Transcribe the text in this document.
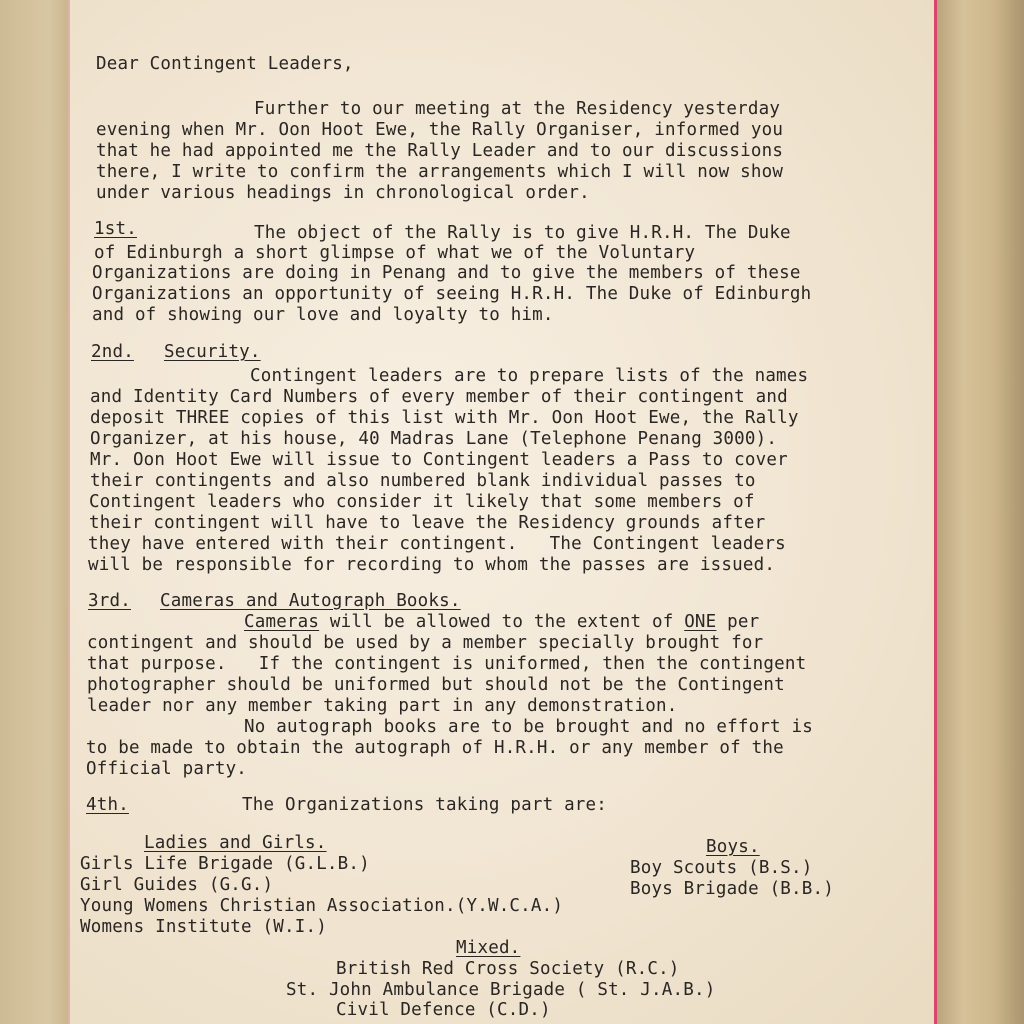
Dear Contingent Leaders,
Further to our meeting at the Residency yesterday
evening when Mr. Oon Hoot Ewe, the Rally Organiser, informed you
that he had appointed me the Rally Leader and to our discussions
there, I write to confirm the arrangements which I will now show
under various headings in chronological order.
1st.	The object of the Rally is to give H.R.H. The Duke
of Edinburgh a short glimpse of what we of the Voluntary
Organizations are doing in Penang and to give the members of these
Organizations an opportunity of seeing H.R.H. The Duke of Edinburgh
and of showing our love and loyalty to him.
2nd. Security.
Contingent leaders are to prepare lists of the names
and Identity Card Numbers of every member of their contingent and
deposit THREE copies of this list with Mr. Oon Hoot Ewe, the Rally
Organizer, at his house, 40 Madras Lane (Telephone Penang 3000).
Mr. Oon Hoot Ewe will issue to Contingent leaders a Pass to cover
their contingents and also numbered blank individual passes to
Contingent leaders who consider it likely that some members of
their contingent will have to leave the Residency grounds after
they have entered with their contingent.   The Contingent leaders
will be responsible for recording to whom the passes are issued.
3rd. Cameras and Autograph Books.
Cameras will be allowed to the extent of ONE per
contingent and should be used by a member specially brought for
that purpose.   If the contingent is uniformed, then the contingent
photographer should be uniformed but should not be the Contingent
leader nor any member taking part in any demonstration.
No autograph books are to be brought and no effort is
to be made to obtain the autograph of H.R.H. or any member of the
Official party.
4th.	The Organizations taking part are:
Ladies and Girls.
Girls Life Brigade (G.L.B.)
Girl Guides (G.G.)
Young Womens Christian Association.(Y.W.C.A.)
Womens Institute (W.I.)
Boys.
Boy Scouts (B.S.)
Boys Brigade (B.B.)
Mixed.
British Red Cross Society (R.C.)
St. John Ambulance Brigade ( St. J.A.B.)
Civil Defence (C.D.)
